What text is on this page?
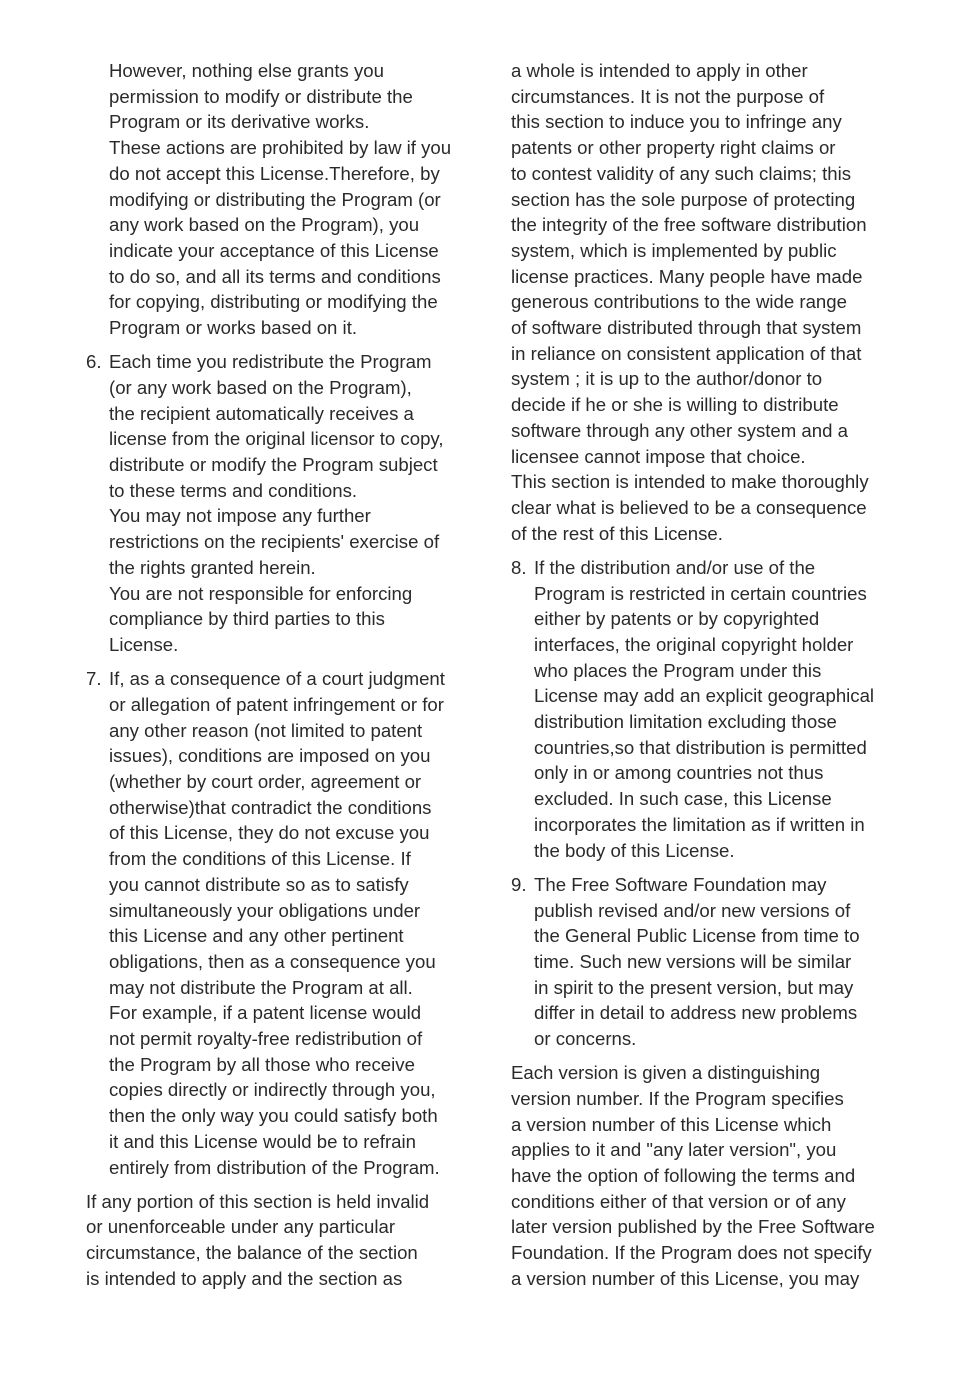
However, nothing else grants you
permission to modify or distribute the
Program or its derivative works.
These actions are prohibited by law if you
do not accept this License.Therefore, by
modifying or distributing the Program (or
any work based on the Program), you
indicate your acceptance of this License
to do so, and all its terms and conditions
for copying, distributing or modifying the
Program or works based on it.
6. Each time you redistribute the Program
(or any work based on the Program),
the recipient automatically receives a
license from the original licensor to copy,
distribute or modify the Program subject
to these terms and conditions.
You may not impose any further
restrictions on the recipients' exercise of
the rights granted herein.
You are not responsible for enforcing
compliance by third parties to this
License.
7. If, as a consequence of a court judgment
or allegation of patent infringement or for
any other reason (not limited to patent
issues), conditions are imposed on you
(whether by court order, agreement or
otherwise)that contradict the conditions
of this License, they do not excuse you
from the conditions of this License. If
you cannot distribute so as to satisfy
simultaneously your obligations under
this License and any other pertinent
obligations, then as a consequence you
may not distribute the Program at all.
For example, if a patent license would
not permit royalty-free redistribution of
the Program by all those who receive
copies directly or indirectly through you,
then the only way you could satisfy both
it and this License would be to refrain
entirely from distribution of the Program.
If any portion of this section is held invalid
or unenforceable under any particular
circumstance, the balance of the section
is intended to apply and the section as
a whole is intended to apply in other
circumstances. It is not the purpose of
this section to induce you to infringe any
patents or other property right claims or
to contest validity of any such claims; this
section has the sole purpose of protecting
the integrity of the free software distribution
system, which is implemented by public
license practices. Many people have made
generous contributions to the wide range
of software distributed through that system
in reliance on consistent application of that
system ; it is up to the author/donor to
decide if he or she is willing to distribute
software through any other system and a
licensee cannot impose that choice.
This section is intended to make thoroughly
clear what is believed to be a consequence
of the rest of this License.
8. If the distribution and/or use of the
Program is restricted in certain countries
either by patents or by copyrighted
interfaces, the original copyright holder
who places the Program under this
License may add an explicit geographical
distribution limitation excluding those
countries,so that distribution is permitted
only in or among countries not thus
excluded. In such case, this License
incorporates the limitation as if written in
the body of this License.
9. The Free Software Foundation may
publish revised and/or new versions of
the General Public License from time to
time. Such new versions will be similar
in spirit to the present version, but may
differ in detail to address new problems
or concerns.
Each version is given a distinguishing
version number. If the Program specifies
a version number of this License which
applies to it and "any later version", you
have the option of following the terms and
conditions either of that version or of any
later version published by the Free Software
Foundation. If the Program does not specify
a version number of this License, you may
